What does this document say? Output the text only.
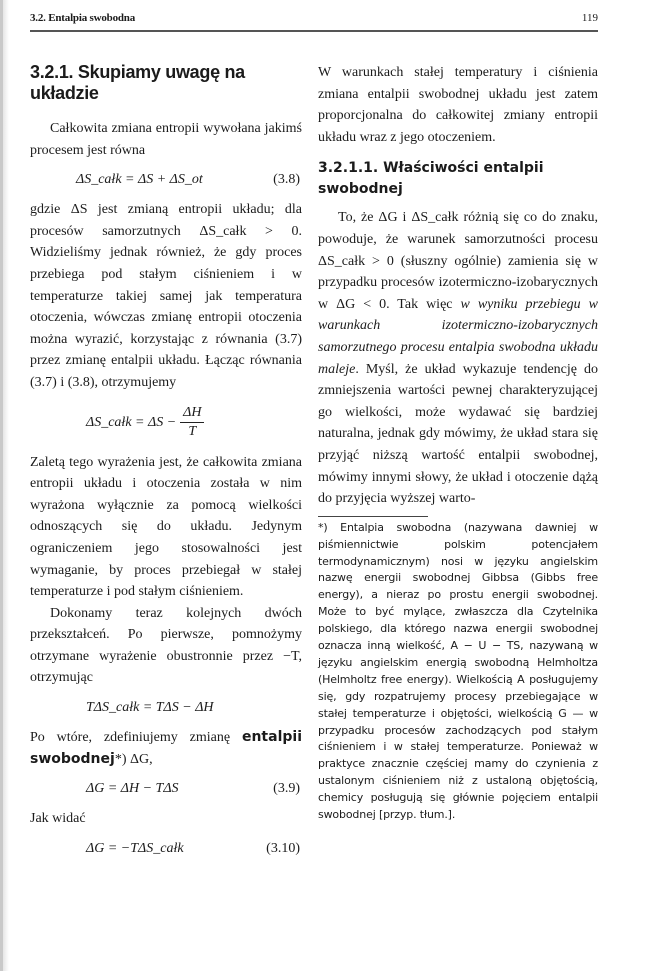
3.2. Entalpia swobodna	119
3.2.1. Skupiamy uwagę na układzie

Całkowita zmiana entropii wywołana jakimś procesem jest równa

ΔS_całk = ΔS + ΔS_ot	(3.8)

gdzie ΔS jest zmianą entropii układu; dla procesów samorzutnych ΔS_całk > 0. Widzieliśmy jednak również, że gdy proces przebiega pod stałym ciśnieniem i w temperaturze takiej samej jak temperatura otoczenia, wówczas zmianę entropii otoczenia można wyrazić, korzystając z równania (3.7) przez zmianę entalpii układu. Łącząc równania (3.7) i (3.8), otrzymujemy

ΔS_całk = $\Delta S - \frac{\Delta H}{T}$

Zaletą tego wyrażenia jest, że całkowita zmiana entropii układu i otoczenia została w nim wyrażona wyłącznie za pomocą wielkości odnoszących się do układu. Jedynym ograniczeniem jego stosowalności jest wymaganie, by proces przebiegał w stałej temperaturze i pod stałym ciśnieniem.

Dokonamy teraz kolejnych dwóch przekształceń. Po pierwsze, pomnożymy otrzymane wyrażenie obustronnie przez −T, otrzymując

TΔS_całk = TΔS − ΔH

Po wtóre, zdefiniujemy zmianę entalpii swobodnej*) ΔG,

ΔG = ΔH − TΔS	(3.9)

Jak widać

ΔG = −TΔS_całk	(3.10)

W warunkach stałej temperatury i ciśnienia zmiana entalpii swobodnej układu jest zatem proporcjonalna do całkowitej zmiany entropii układu wraz z jego otoczeniem.

3.2.1.1. Właściwości entalpii swobodnej

To, że ΔG i ΔS_całk różnią się co do znaku, powoduje, że warunek samorzutności procesu ΔS_całk > 0 (słuszny ogólnie) zamienia się w przypadku procesów izotermiczno-izobarycznych w ΔG < 0. Tak więc w wyniku przebiegu w warunkach izotermiczno-izobarycznych samorzutnego procesu entalpia swobodna układu maleje. Myśl, że układ wykazuje tendencję do zmniejszenia wartości pewnej charakteryzującej go wielkości, może wydawać się bardziej naturalna, jednak gdy mówimy, że układ stara się przyjąć niższą wartość entalpii swobodnej, mówimy innymi słowy, że układ i otoczenie dążą do przyjęcia wyższej warto-

*) Entalpia swobodna (nazywana dawniej w piśmiennictwie polskim potencjałem termodynamicznym) nosi w języku angielskim nazwę energii swobodnej Gibbsa (Gibbs free energy), a nieraz po prostu energii swobodnej. Może to być mylące, zwłaszcza dla Czytelnika polskiego, dla którego nazwa energii swobodnej oznacza inną wielkość, A − U − TS, nazywaną w języku angielskim energią swobodną Helmholtza (Helmholtz free energy). Wielkością A posługujemy się, gdy rozpatrujemy procesy przebiegające w stałej temperaturze i objętości, wielkością G — w przypadku procesów zachodzących pod stałym ciśnieniem i w stałej temperaturze. Ponieważ w praktyce znacznie częściej mamy do czynienia z ustalonym ciśnieniem niż z ustaloną objętością, chemicy posługują się głównie pojęciem entalpii swobodnej [przyp. tłum.].
